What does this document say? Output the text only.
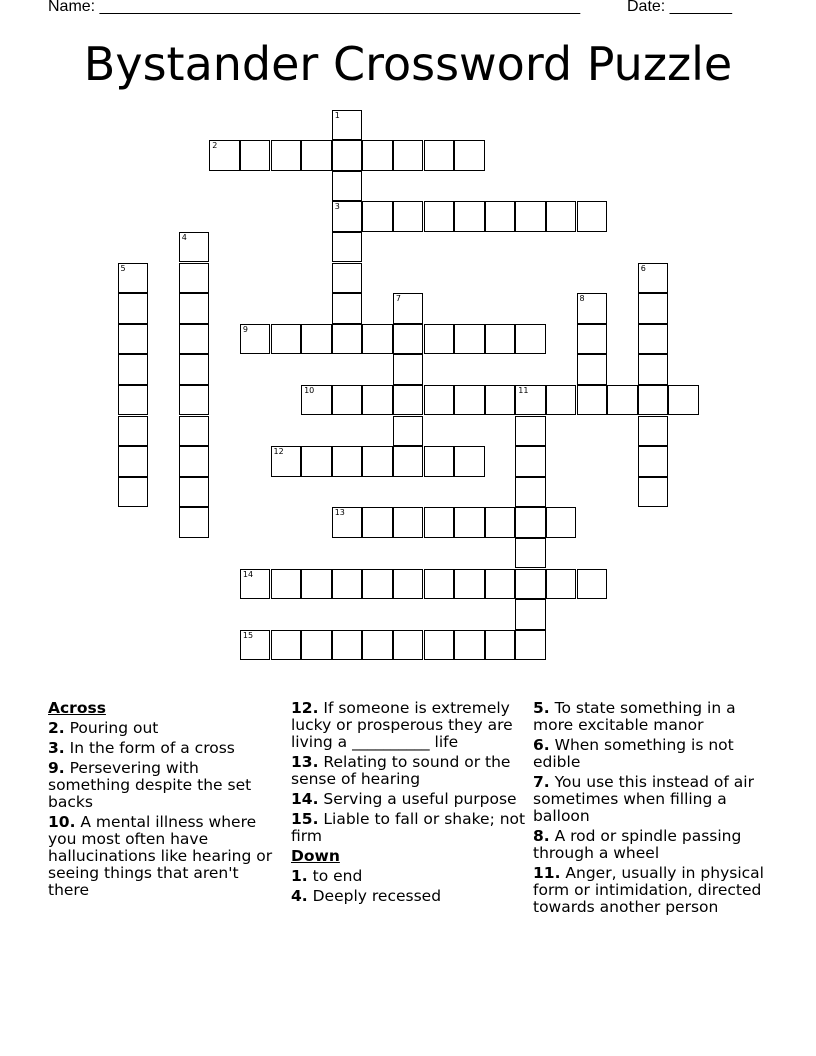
Name: ______________________________________________________	Date: _______
Bystander Crossword Puzzle
1
3
2
4
5	6
7	8
9
10	11
12
13
14
15
Across
2. Pouring out
3. In the form of a cross
9. Persevering with something despite the set backs
10. A mental illness where you most often have hallucinations like hearing or seeing things that aren't there
12. If someone is extremely lucky or prosperous they are living a __________ life
13. Relating to sound or the sense of hearing
14. Serving a useful purpose
15. Liable to fall or shake; not firm
Down
1. to end
4. Deeply recessed
5. To state something in a more excitable manor
6. When something is not edible
7. You use this instead of air sometimes when filling a balloon
8. A rod or spindle passing through a wheel
11. Anger, usually in physical form or intimidation, directed towards another person
